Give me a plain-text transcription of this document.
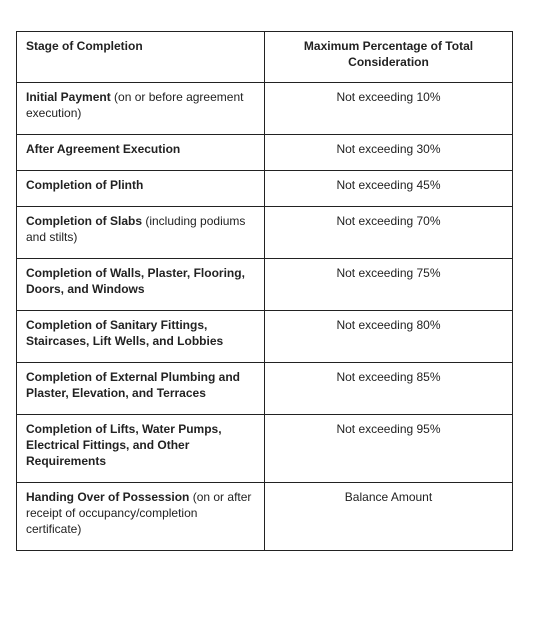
Stage of Completion	Maximum Percentage of Total Consideration
Initial Payment (on or before agreement execution)	Not exceeding 10%
After Agreement Execution	Not exceeding 30%
Completion of Plinth	Not exceeding 45%
Completion of Slabs (including podiums and stilts)	Not exceeding 70%
Completion of Walls, Plaster, Flooring, Doors, and Windows	Not exceeding 75%
Completion of Sanitary Fittings, Staircases, Lift Wells, and Lobbies	Not exceeding 80%
Completion of External Plumbing and Plaster, Elevation, and Terraces	Not exceeding 85%
Completion of Lifts, Water Pumps, Electrical Fittings, and Other Requirements	Not exceeding 95%
Handing Over of Possession (on or after receipt of occupancy/completion certificate)	Balance Amount
